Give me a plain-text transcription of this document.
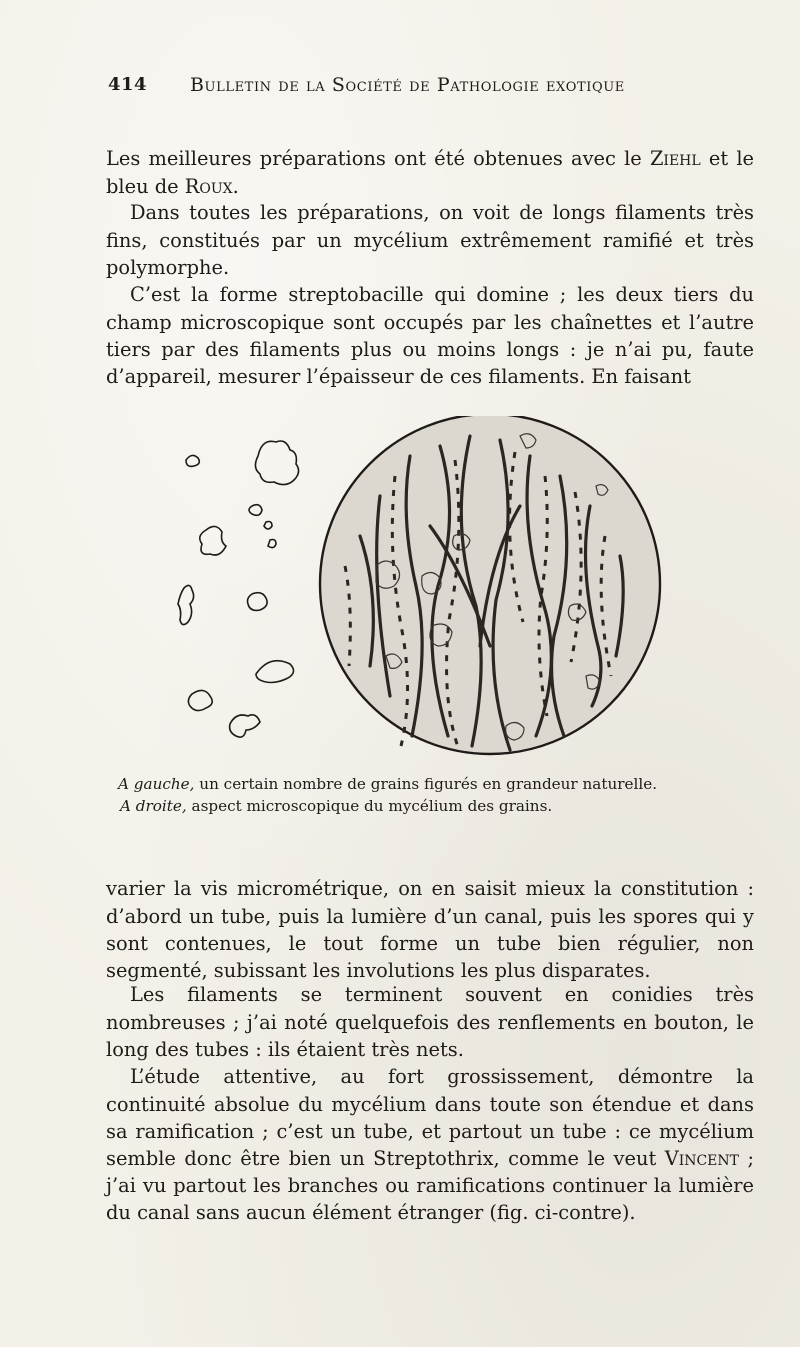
414 Bulletin de la Société de Pathologie exotique

Les meilleures préparations ont été obtenues avec le Ziehl et le bleu de Roux.

Dans toutes les préparations, on voit de longs filaments très fins, constitués par un mycélium extrêmement ramifié et très polymorphe.

C’est la forme streptobacille qui domine ; les deux tiers du champ microscopique sont occupés par les chaînettes et l’autre tiers par des filaments plus ou moins longs : je n’ai pu, faute d’appareil, mesurer l’épaisseur de ces filaments. En faisant

A gauche, un certain nombre de grains figurés en grandeur naturelle.
A droite, aspect microscopique du mycélium des grains.

varier la vis micrométrique, on en saisit mieux la constitution : d’abord un tube, puis la lumière d’un canal, puis les spores qui y sont contenues, le tout forme un tube bien régulier, non segmenté, subissant les involutions les plus disparates.

Les filaments se terminent souvent en conidies très nombreuses ; j’ai noté quelquefois des renflements en bouton, le long des tubes : ils étaient très nets.

L’étude attentive, au fort grossissement, démontre la continuité absolue du mycélium dans toute son étendue et dans sa ramification ; c’est un tube, et partout un tube : ce mycélium semble donc être bien un Streptothrix, comme le veut Vincent ; j’ai vu partout les branches ou ramifications continuer la lumière du canal sans aucun élément étranger (fig. ci-contre).
